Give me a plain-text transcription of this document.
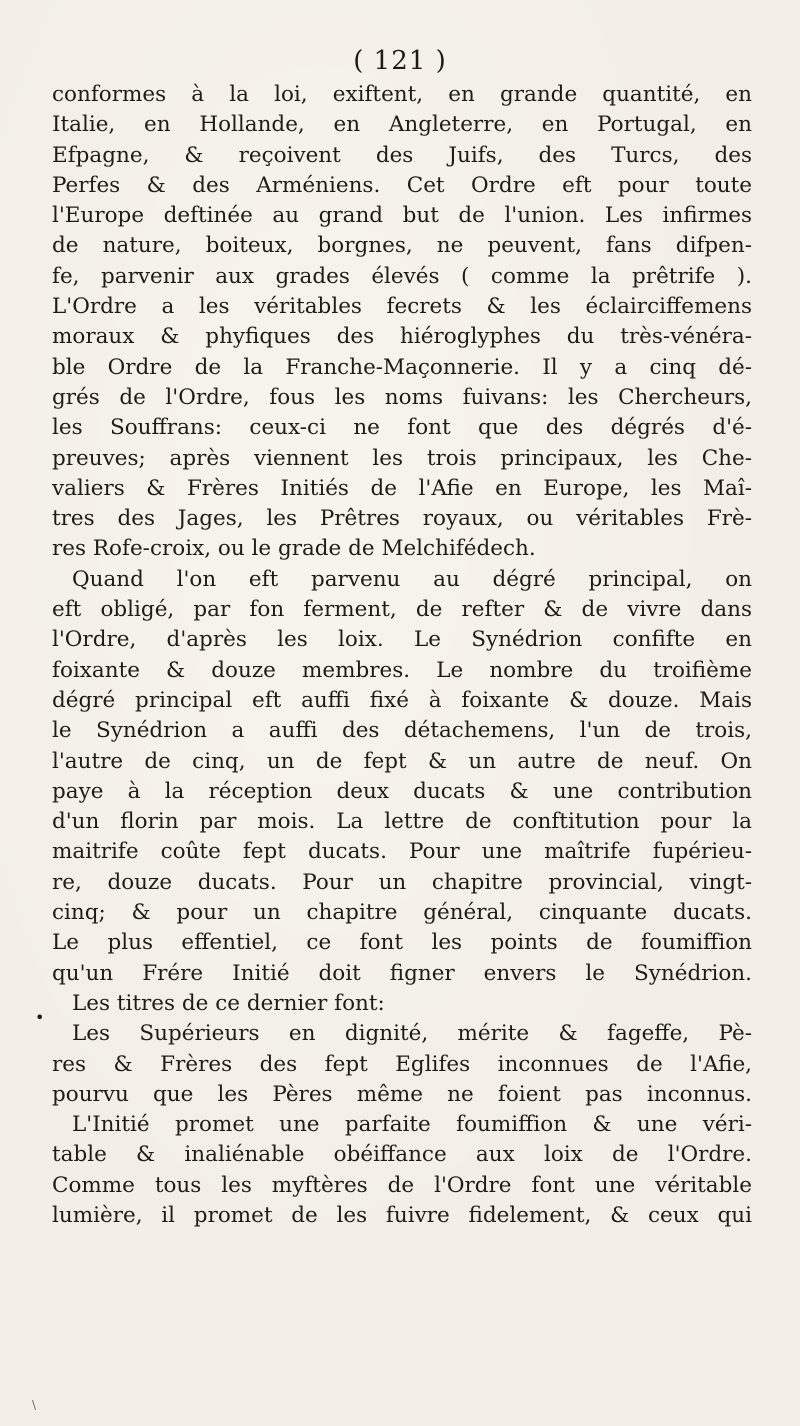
( 121 )
•
conformes à la loi, exiftent, en grande quantité, en
Italie, en Hollande, en Angleterre, en Portugal, en
Efpagne, & reçoivent des Juifs, des Turcs, des
Perfes & des Arméniens. Cet Ordre eft pour toute
l'Europe deftinée au grand but de l'union. Les infirmes
de nature, boiteux, borgnes, ne peuvent, fans difpen-
fe, parvenir aux grades élevés ( comme la prêtrife ).
L'Ordre a les véritables fecrets & les éclairciffemens
moraux & phyfiques des hiéroglyphes du très-vénéra-
ble Ordre de la Franche-Maçonnerie. Il y a cinq dé-
grés de l'Ordre, fous les noms fuivans: les Chercheurs,
les Souffrans: ceux-ci ne font que des dégrés d'é-
preuves; après viennent les trois principaux, les Che-
valiers & Frères Initiés de l'Afie en Europe, les Maî-
tres des Jages, les Prêtres royaux, ou véritables Frè-
res Rofe-croix, ou le grade de Melchifédech.
Quand l'on eft parvenu au dégré principal, on
eft obligé, par fon ferment, de refter & de vivre dans
l'Ordre, d'après les loix. Le Synédrion confifte en
foixante & douze membres. Le nombre du troifième
dégré principal eft auffi fixé à foixante & douze. Mais
le Synédrion a auffi des détachemens, l'un de trois,
l'autre de cinq, un de fept & un autre de neuf. On
paye à la réception deux ducats & une contribution
d'un florin par mois. La lettre de conftitution pour la
maitrife coûte fept ducats. Pour une maîtrife fupérieu-
re, douze ducats. Pour un chapitre provincial, vingt-
cinq; & pour un chapitre général, cinquante ducats.
Le plus effentiel, ce font les points de foumiffion
qu'un Frére Initié doit figner envers le Synédrion.
Les titres de ce dernier font:
Les Supérieurs en dignité, mérite & fageffe, Pè-
res & Frères des fept Eglifes inconnues de l'Afie,
pourvu que les Pères même ne foient pas inconnus.
L'Initié promet une parfaite foumiffion & une véri-
table & inaliénable obéiffance aux loix de l'Ordre.
Comme tous les myftères de l'Ordre font une véritable
lumière, il promet de les fuivre fidelement, & ceux qui
\
